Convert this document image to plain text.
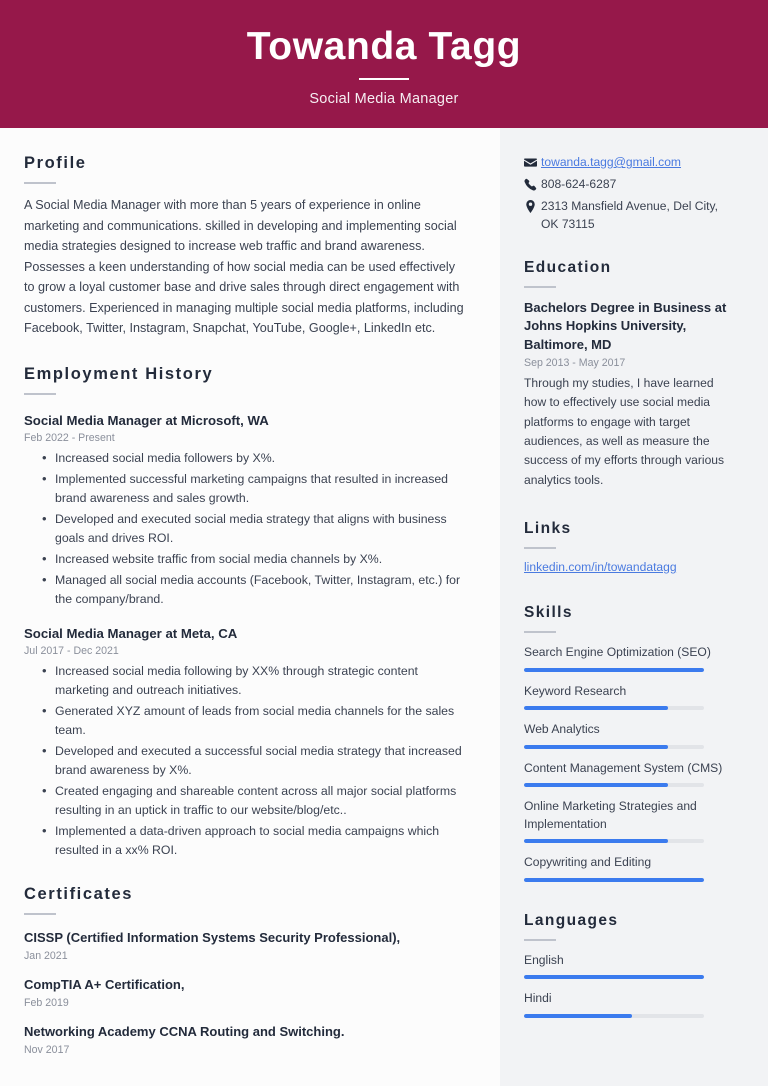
Towanda Tagg
Social Media Manager
Profile
A Social Media Manager with more than 5 years of experience in online marketing and communications. skilled in developing and implementing social media strategies designed to increase web traffic and brand awareness. Possesses a keen understanding of how social media can be used effectively to grow a loyal customer base and drive sales through direct engagement with customers. Experienced in managing multiple social media platforms, including Facebook, Twitter, Instagram, Snapchat, YouTube, Google+, LinkedIn etc.
Employment History
Social Media Manager at Microsoft, WA
Feb 2022 - Present
• Increased social media followers by X%.
• Implemented successful marketing campaigns that resulted in increased brand awareness and sales growth.
• Developed and executed social media strategy that aligns with business goals and drives ROI.
• Increased website traffic from social media channels by X%.
• Managed all social media accounts (Facebook, Twitter, Instagram, etc.) for the company/brand.
Social Media Manager at Meta, CA
Jul 2017 - Dec 2021
• Increased social media following by XX% through strategic content marketing and outreach initiatives.
• Generated XYZ amount of leads from social media channels for the sales team.
• Developed and executed a successful social media strategy that increased brand awareness by X%.
• Created engaging and shareable content across all major social platforms resulting in an uptick in traffic to our website/blog/etc..
• Implemented a data-driven approach to social media campaigns which resulted in a xx% ROI.
Certificates
CISSP (Certified Information Systems Security Professional),
Jan 2021
CompTIA A+ Certification,
Feb 2019
Networking Academy CCNA Routing and Switching.
Nov 2017
towanda.tagg@gmail.com
808-624-6287
2313 Mansfield Avenue, Del City, OK 73115
Education
Bachelors Degree in Business at Johns Hopkins University, Baltimore, MD
Sep 2013 - May 2017
Through my studies, I have learned how to effectively use social media platforms to engage with target audiences, as well as measure the success of my efforts through various analytics tools.
Links
linkedin.com/in/towandatagg
Skills
Search Engine Optimization (SEO)
Keyword Research
Web Analytics
Content Management System (CMS)
Online Marketing Strategies and Implementation
Copywriting and Editing
Languages
English
Hindi
